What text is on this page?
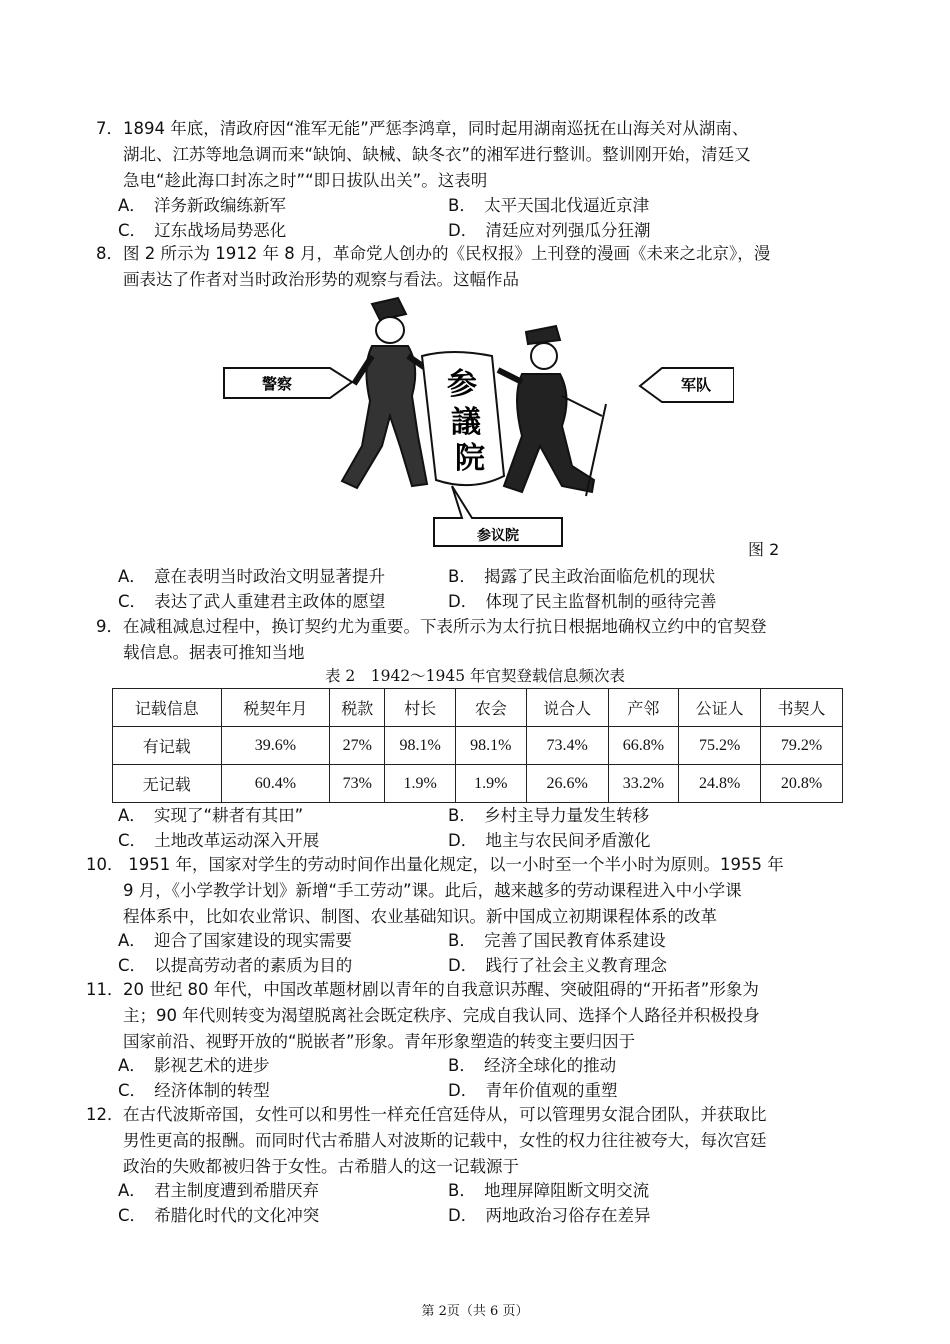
7．1894 年底，清政府因“淮军无能”严惩李鸿章，同时起用湖南巡抚在山海关对从湖南、
湖北、江苏等地急调而来“缺饷、缺械、缺冬衣”的湘军进行整训。整训刚开始，清廷又
急电“趁此海口封冻之时”“即日拔队出关”。这表明
A．　洋务新政编练新军	B．　太平天国北伐逼近京津
C．　辽东战场局势恶化	D．　清廷应对列强瓜分狂潮
8．图 2 所示为 1912 年 8 月，革命党人创办的《民权报》上刊登的漫画《未来之北京》，漫
画表达了作者对当时政治形势的观察与看法。这幅作品
警察	军队
参议院
参
議
院
图 2
A．　意在表明当时政治文明显著提升	B．　揭露了民主政治面临危机的现状
C．　表达了武人重建君主政体的愿望	D．　体现了民主监督机制的亟待完善
9．在减租减息过程中，换订契约尤为重要。下表所示为太行抗日根据地确权立约中的官契登
载信息。据表可推知当地
表 2　1942～1945 年官契登载信息频次表
记载信息	税契年月	税款	村长	农会	说合人	产邻	公证人	书契人
有记载	39.6%	27%	98.1%	98.1%	73.4%	66.8%	75.2%	79.2%
无记载	60.4%	73%	1.9%	1.9%	26.6%	33.2%	24.8%	20.8%
A．　实现了“耕者有其田”	B．　乡村主导力量发生转移
C．　土地改革运动深入开展	D．　地主与农民间矛盾激化
10． 1951 年，国家对学生的劳动时间作出量化规定，以一小时至一个半小时为原则。1955 年
9 月，《小学教学计划》新增“手工劳动”课。此后，越来越多的劳动课程进入中小学课
程体系中，比如农业常识、制图、农业基础知识。新中国成立初期课程体系的改革
A．　迎合了国家建设的现实需要	B．　完善了国民教育体系建设
C．　以提高劳动者的素质为目的	D．　践行了社会主义教育理念
11．20 世纪 80 年代，中国改革题材剧以青年的自我意识苏醒、突破阻碍的“开拓者”形象为
主；90 年代则转变为渴望脱离社会既定秩序、完成自我认同、选择个人路径并积极投身
国家前沿、视野开放的“脱嵌者”形象。青年形象塑造的转变主要归因于
A．　影视艺术的进步	B．　经济全球化的推动
C．　经济体制的转型	D．　青年价值观的重塑
12．在古代波斯帝国，女性可以和男性一样充任宫廷侍从，可以管理男女混合团队，并获取比
男性更高的报酬。而同时代古希腊人对波斯的记载中，女性的权力往往被夸大，每次宫廷
政治的失败都被归咎于女性。古希腊人的这一记载源于
A．　君主制度遭到希腊厌弃	B．　地理屏障阻断文明交流
C．　希腊化时代的文化冲突	D．　两地政治习俗存在差异
第 2页（共 6 页）
